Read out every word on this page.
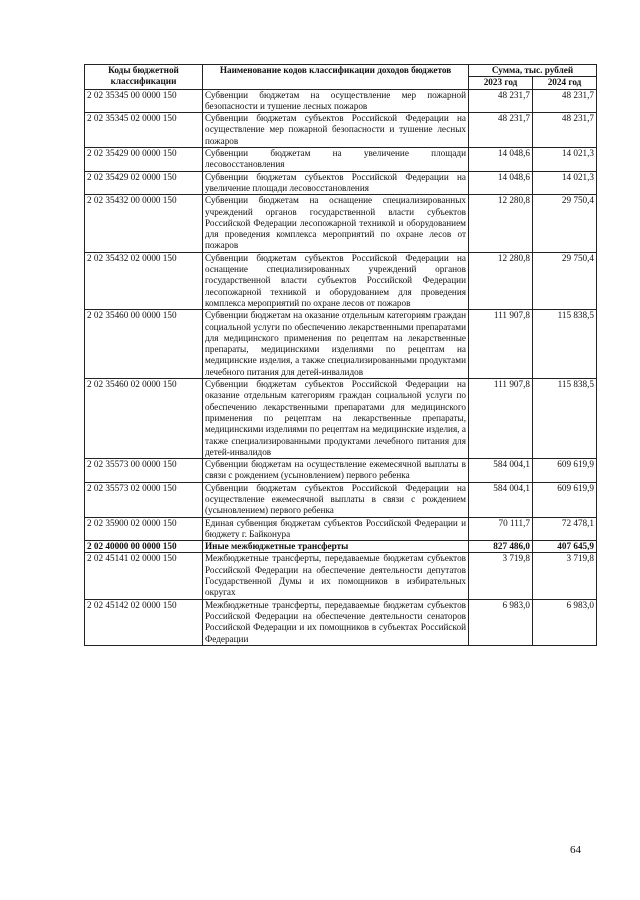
Коды бюджетной классификации	Наименование кодов классификации доходов бюджетов	Сумма, тыс. рублей	
		2023 год	2024 год
2 02 35345 00 0000 150	Субвенции бюджетам на осуществление мер пожарной безопасности и тушение лесных пожаров	48 231,7	48 231,7
2 02 35345 02 0000 150	Субвенции бюджетам субъектов Российской Федерации на осуществление мер пожарной безопасности и тушение лесных пожаров	48 231,7	48 231,7
2 02 35429 00 0000 150	Субвенции бюджетам на увеличение площади лесовосстановления	14 048,6	14 021,3
2 02 35429 02 0000 150	Субвенции бюджетам субъектов Российской Федерации на увеличение площади лесовосстановления	14 048,6	14 021,3
2 02 35432 00 0000 150	Субвенции бюджетам на оснащение специализированных учреждений органов государственной власти субъектов Российской Федерации лесопожарной техникой и оборудованием для проведения комплекса мероприятий по охране лесов от пожаров	12 280,8	29 750,4
2 02 35432 02 0000 150	Субвенции бюджетам субъектов Российской Федерации на оснащение специализированных учреждений органов государственной власти субъектов Российской Федерации лесопожарной техникой и оборудованием для проведения комплекса мероприятий по охране лесов от пожаров	12 280,8	29 750,4
2 02 35460 00 0000 150	Субвенции бюджетам на оказание отдельным категориям граждан социальной услуги по обеспечению лекарственными препаратами для медицинского применения по рецептам на лекарственные препараты, медицинскими изделиями по рецептам на медицинские изделия, а также специализированными продуктами лечебного питания для детей-инвалидов	111 907,8	115 838,5
2 02 35460 02 0000 150	Субвенции бюджетам субъектов Российской Федерации на оказание отдельным категориям граждан социальной услуги по обеспечению лекарственными препаратами для медицинского применения по рецептам на лекарственные препараты, медицинскими изделиями по рецептам на медицинские изделия, а также специализированными продуктами лечебного питания для детей-инвалидов	111 907,8	115 838,5
2 02 35573 00 0000 150	Субвенции бюджетам на осуществление ежемесячной выплаты в связи с рождением (усыновлением) первого ребенка	584 004,1	609 619,9
2 02 35573 02 0000 150	Субвенции бюджетам субъектов Российской Федерации на осуществление ежемесячной выплаты в связи с рождением (усыновлением) первого ребенка	584 004,1	609 619,9
2 02 35900 02 0000 150	Единая субвенция бюджетам субъектов Российской Федерации и бюджету г. Байконура	70 111,7	72 478,1
2 02 40000 00 0000 150	Иные межбюджетные трансферты	827 486,0	407 645,9
2 02 45141 02 0000 150	Межбюджетные трансферты, передаваемые бюджетам субъектов Российской Федерации на обеспечение деятельности депутатов Государственной Думы и их помощников в избирательных округах	3 719,8	3 719,8
2 02 45142 02 0000 150	Межбюджетные трансферты, передаваемые бюджетам субъектов Российской Федерации на обеспечение деятельности сенаторов Российской Федерации и их помощников в субъектах Российской Федерации	6 983,0	6 983,0
64
